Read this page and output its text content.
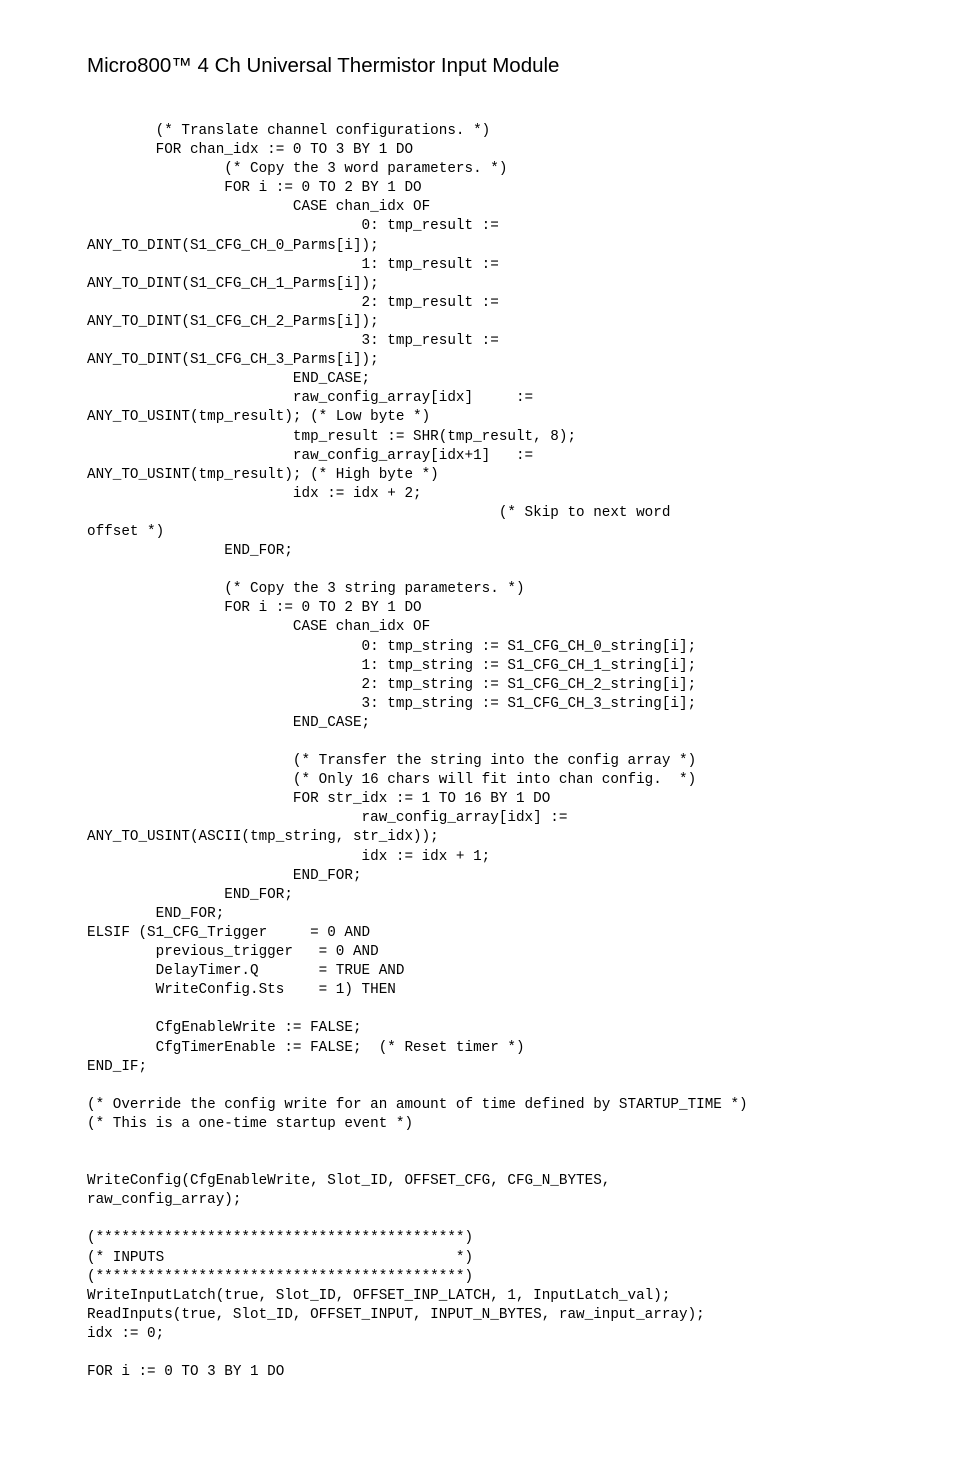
Micro800™ 4 Ch Universal Thermistor Input Module
(* Translate channel configurations. *)
FOR chan_idx := 0 TO 3 BY 1 DO
(* Copy the 3 word parameters. *)
FOR i := 0 TO 2 BY 1 DO
CASE chan_idx OF
0: tmp_result :=
ANY_TO_DINT(S1_CFG_CH_0_Parms[i]);
1: tmp_result :=
ANY_TO_DINT(S1_CFG_CH_1_Parms[i]);
2: tmp_result :=
ANY_TO_DINT(S1_CFG_CH_2_Parms[i]);
3: tmp_result :=
ANY_TO_DINT(S1_CFG_CH_3_Parms[i]);
END_CASE;
raw_config_array[idx]     :=
ANY_TO_USINT(tmp_result); (* Low byte *)
tmp_result := SHR(tmp_result, 8);
raw_config_array[idx+1]   :=
ANY_TO_USINT(tmp_result); (* High byte *)
idx := idx + 2;
(* Skip to next word
offset *)
END_FOR;
(* Copy the 3 string parameters. *)
FOR i := 0 TO 2 BY 1 DO
CASE chan_idx OF
0: tmp_string := S1_CFG_CH_0_string[i];
1: tmp_string := S1_CFG_CH_1_string[i];
2: tmp_string := S1_CFG_CH_2_string[i];
3: tmp_string := S1_CFG_CH_3_string[i];
END_CASE;
(* Transfer the string into the config array *)
(* Only 16 chars will fit into chan config.  *)
FOR str_idx := 1 TO 16 BY 1 DO
raw_config_array[idx] :=
ANY_TO_USINT(ASCII(tmp_string, str_idx));
idx := idx + 1;
END_FOR;
END_FOR;
END_FOR;
ELSIF (S1_CFG_Trigger     = 0 AND
previous_trigger   = 0 AND
DelayTimer.Q       = TRUE AND
WriteConfig.Sts    = 1) THEN
CfgEnableWrite := FALSE;
CfgTimerEnable := FALSE;  (* Reset timer *)
END_IF;
(* Override the config write for an amount of time defined by STARTUP_TIME *)
(* This is a one-time startup event *)
WriteConfig(CfgEnableWrite, Slot_ID, OFFSET_CFG, CFG_N_BYTES,
raw_config_array);
(*******************************************)
(* INPUTS                                  *)
(*******************************************)
WriteInputLatch(true, Slot_ID, OFFSET_INP_LATCH, 1, InputLatch_val);
ReadInputs(true, Slot_ID, OFFSET_INPUT, INPUT_N_BYTES, raw_input_array);
idx := 0;
FOR i := 0 TO 3 BY 1 DO
